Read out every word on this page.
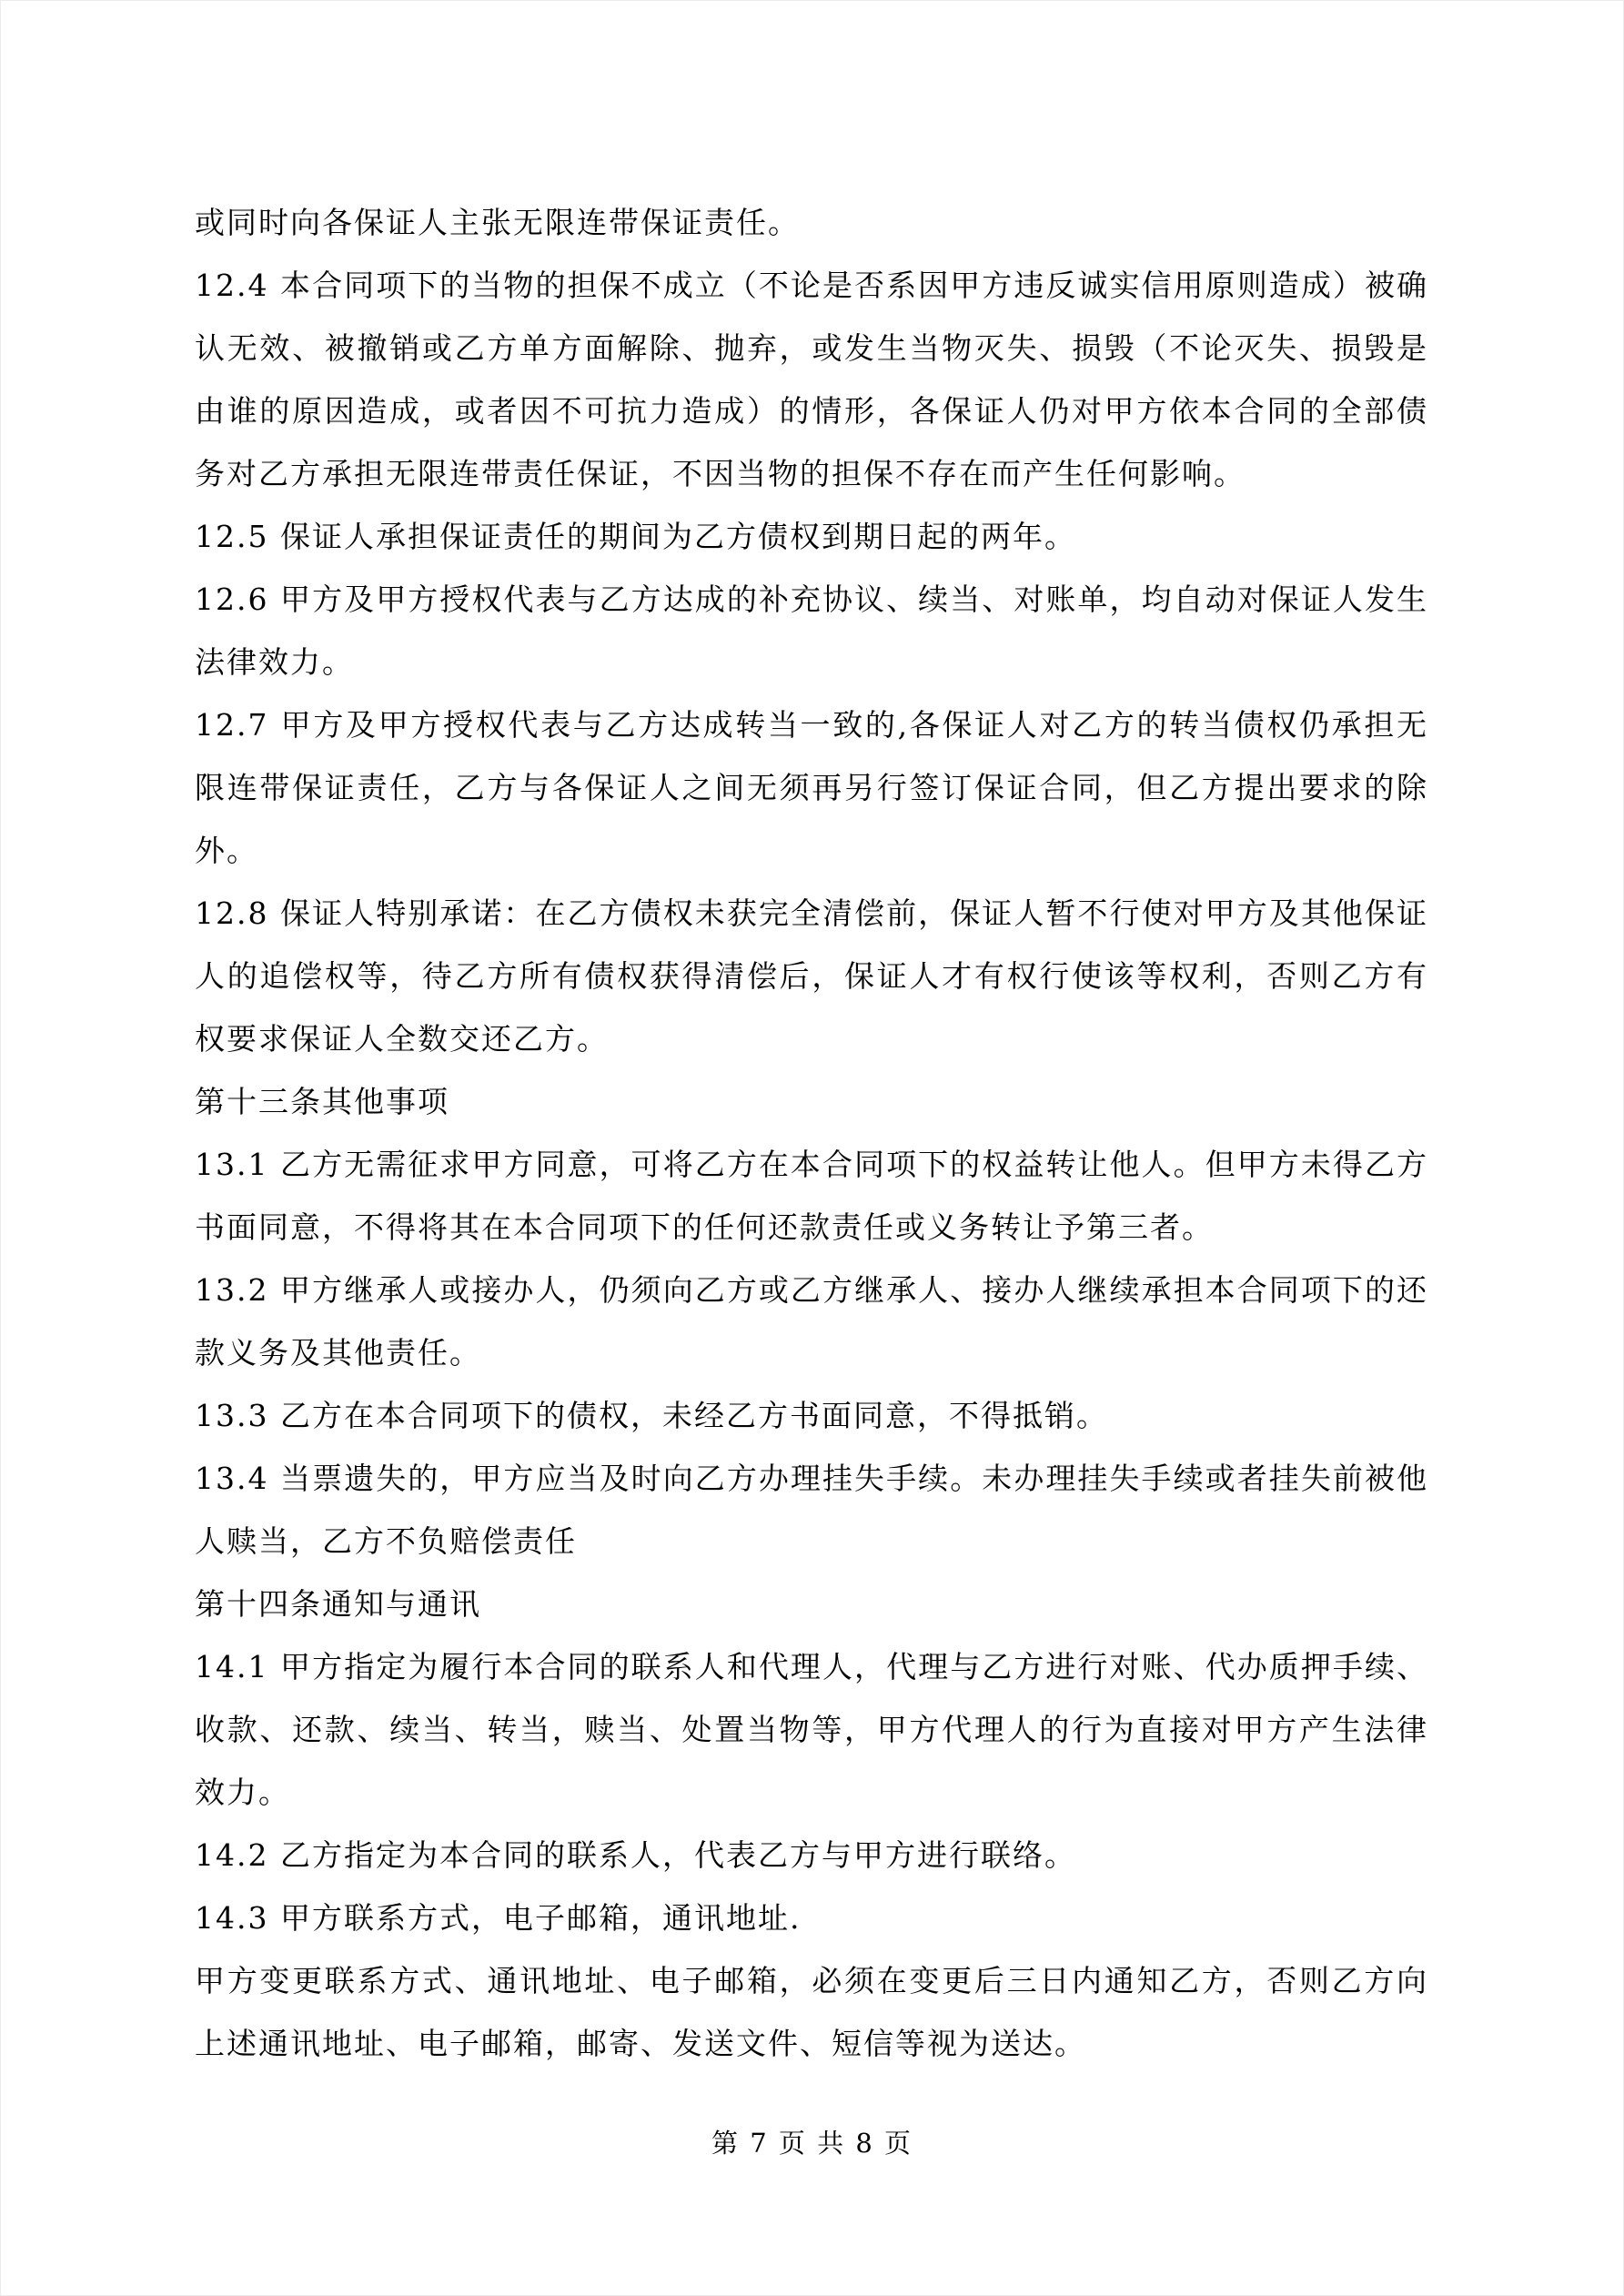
或同时向各保证人主张无限连带保证责任。

12.4 本合同项下的当物的担保不成立（不论是否系因甲方违反诚实信用原则造成）被确认无效、被撤销或乙方单方面解除、抛弃，或发生当物灭失、损毁（不论灭失、损毁是由谁的原因造成，或者因不可抗力造成）的情形，各保证人仍对甲方依本合同的全部债务对乙方承担无限连带责任保证，不因当物的担保不存在而产生任何影响。

12.5 保证人承担保证责任的期间为乙方债权到期日起的两年。

12.6 甲方及甲方授权代表与乙方达成的补充协议、续当、对账单，均自动对保证人发生法律效力。

12.7 甲方及甲方授权代表与乙方达成转当一致的,各保证人对乙方的转当债权仍承担无限连带保证责任，乙方与各保证人之间无须再另行签订保证合同，但乙方提出要求的除外。

12.8 保证人特别承诺：在乙方债权未获完全清偿前，保证人暂不行使对甲方及其他保证人的追偿权等，待乙方所有债权获得清偿后，保证人才有权行使该等权利，否则乙方有权要求保证人全数交还乙方。

第十三条其他事项

13.1 乙方无需征求甲方同意，可将乙方在本合同项下的权益转让他人。但甲方未得乙方书面同意，不得将其在本合同项下的任何还款责任或义务转让予第三者。

13.2 甲方继承人或接办人，仍须向乙方或乙方继承人、接办人继续承担本合同项下的还款义务及其他责任。

13.3 乙方在本合同项下的债权，未经乙方书面同意，不得抵销。

13.4 当票遗失的，甲方应当及时向乙方办理挂失手续。未办理挂失手续或者挂失前被他人赎当，乙方不负赔偿责任

第十四条通知与通讯

14.1 甲方指定为履行本合同的联系人和代理人，代理与乙方进行对账、代办质押手续、收款、还款、续当、转当，赎当、处置当物等，甲方代理人的行为直接对甲方产生法律效力。

14.2 乙方指定为本合同的联系人，代表乙方与甲方进行联络。

14.3 甲方联系方式，电子邮箱，通讯地址.

甲方变更联系方式、通讯地址、电子邮箱，必须在变更后三日内通知乙方，否则乙方向上述通讯地址、电子邮箱，邮寄、发送文件、短信等视为送达。

第 7 页 共 8 页
